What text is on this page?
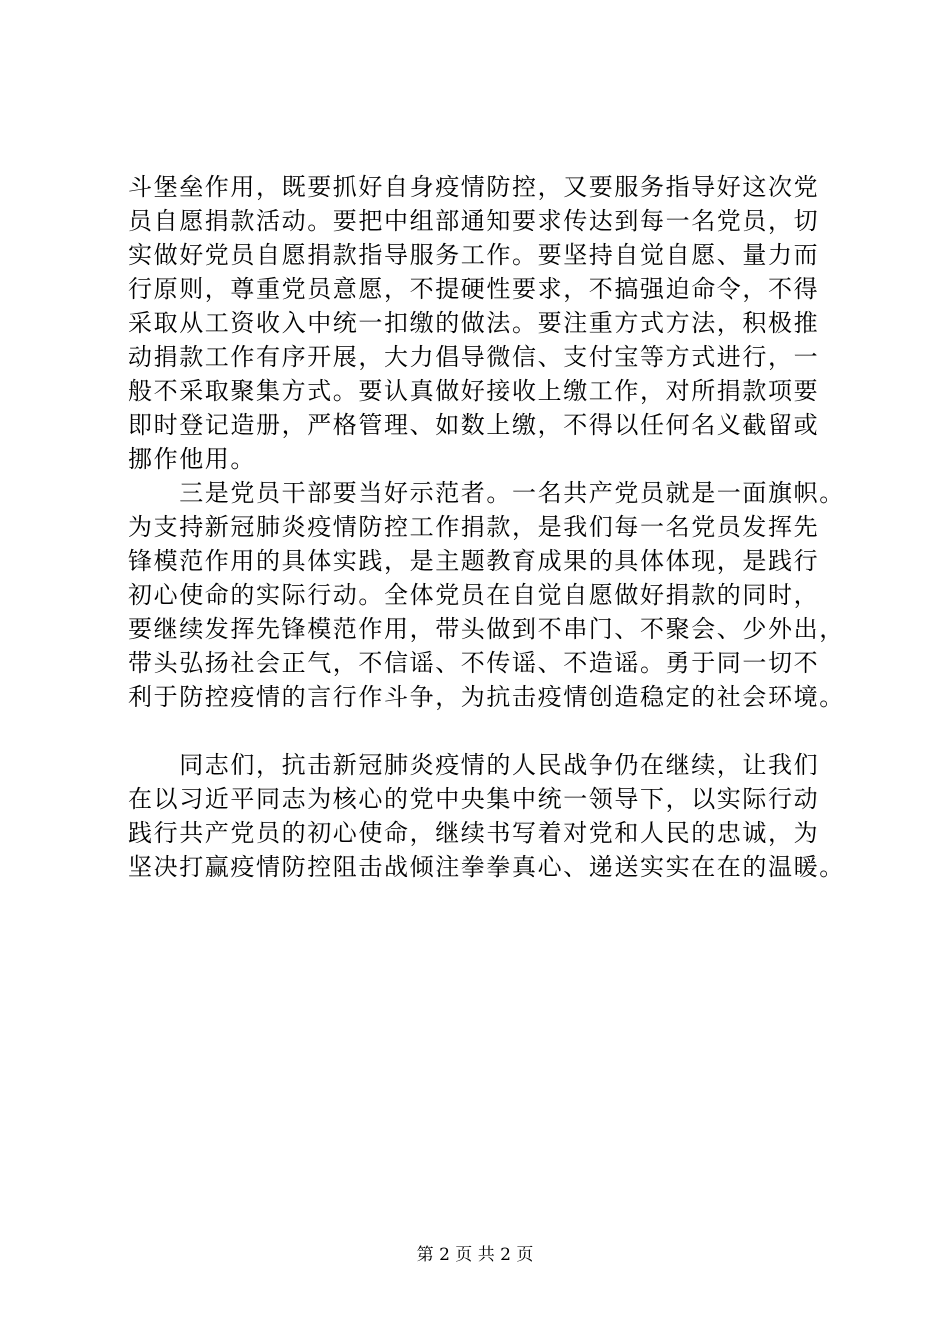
斗堡垒作用，既要抓好自身疫情防控，又要服务指导好这次党
员自愿捐款活动。要把中组部通知要求传达到每一名党员，切
实做好党员自愿捐款指导服务工作。要坚持自觉自愿、量力而
行原则，尊重党员意愿，不提硬性要求，不搞强迫命令，不得
采取从工资收入中统一扣缴的做法。要注重方式方法，积极推
动捐款工作有序开展，大力倡导微信、支付宝等方式进行，一
般不采取聚集方式。要认真做好接收上缴工作，对所捐款项要
即时登记造册，严格管理、如数上缴，不得以任何名义截留或
挪作他用。
　　三是党员干部要当好示范者。一名共产党员就是一面旗帜。
为支持新冠肺炎疫情防控工作捐款，是我们每一名党员发挥先
锋模范作用的具体实践，是主题教育成果的具体体现，是践行
初心使命的实际行动。全体党员在自觉自愿做好捐款的同时，
要继续发挥先锋模范作用，带头做到不串门、不聚会、少外出，
带头弘扬社会正气，不信谣、不传谣、不造谣。勇于同一切不
利于防控疫情的言行作斗争，为抗击疫情创造稳定的社会环境。
　　同志们，抗击新冠肺炎疫情的人民战争仍在继续，让我们
在以习近平同志为核心的党中央集中统一领导下，以实际行动
践行共产党员的初心使命，继续书写着对党和人民的忠诚，为
坚决打赢疫情防控阻击战倾注拳拳真心、递送实实在在的温暖。
第 2 页 共 2 页
